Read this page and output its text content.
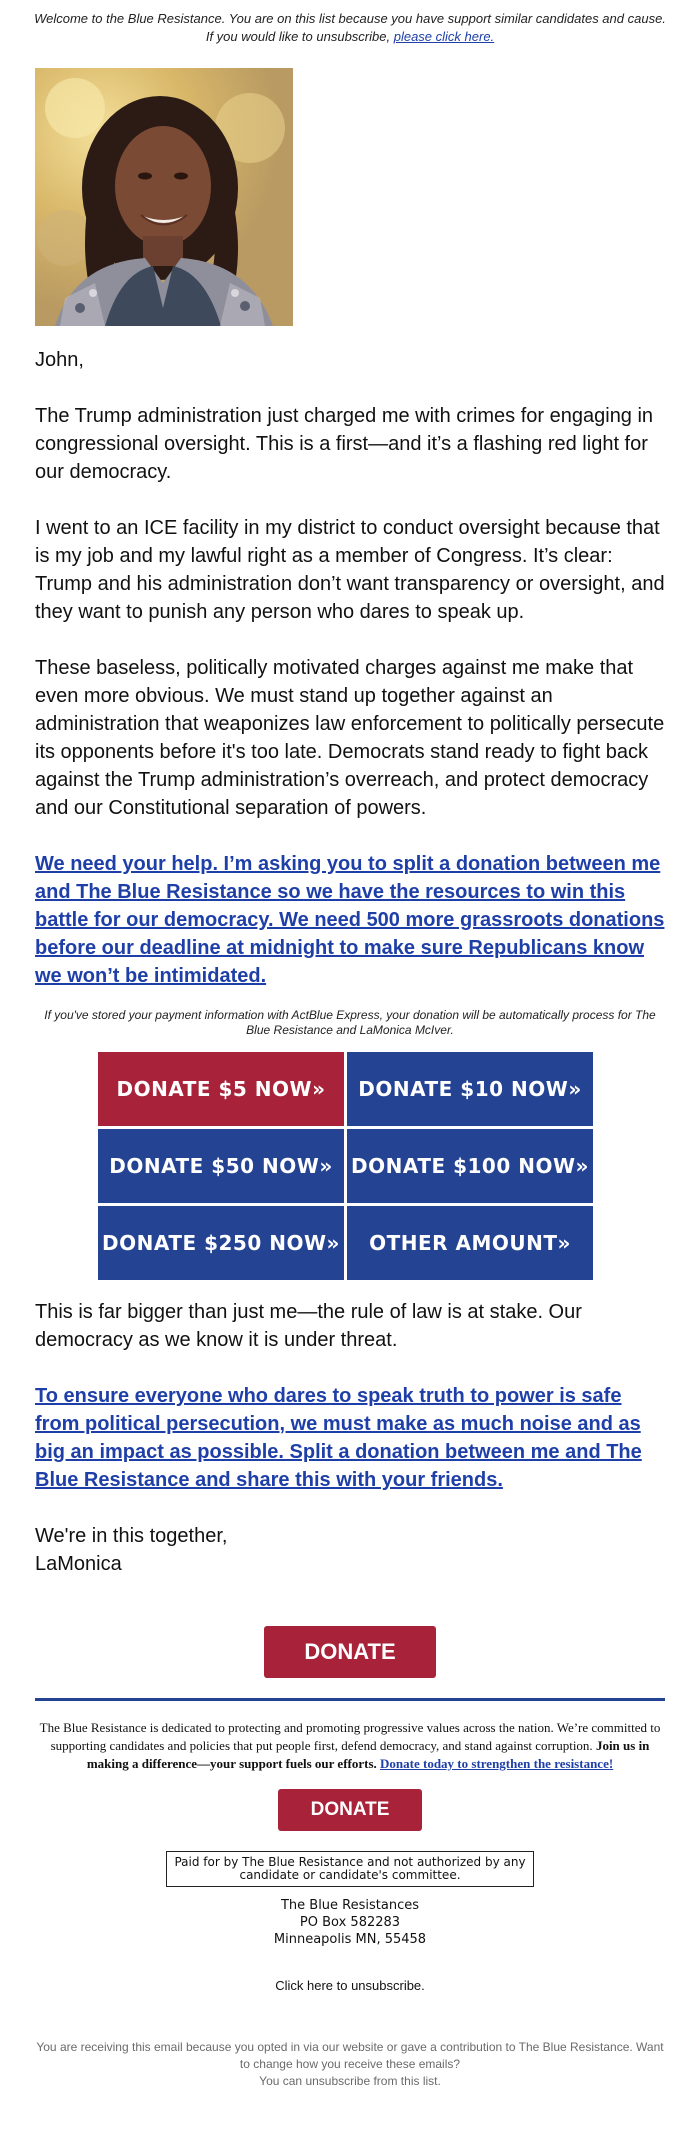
Welcome to the Blue Resistance. You are on this list because you have support similar candidates and cause. If you would like to unsubscribe, please click here.

John,

The Trump administration just charged me with crimes for engaging in congressional oversight. This is a first—and it’s a flashing red light for our democracy.

I went to an ICE facility in my district to conduct oversight because that is my job and my lawful right as a member of Congress. It’s clear: Trump and his administration don’t want transparency or oversight, and they want to punish any person who dares to speak up.

These baseless, politically motivated charges against me make that even more obvious. We must stand up together against an administration that weaponizes law enforcement to politically persecute its opponents before it's too late. Democrats stand ready to fight back against the Trump administration’s overreach, and protect democracy and our Constitutional separation of powers.

We need your help. I’m asking you to split a donation between me and The Blue Resistance so we have the resources to win this battle for our democracy. We need 500 more grassroots donations before our deadline at midnight to make sure Republicans know we won’t be intimidated.
If you've stored your payment information with ActBlue Express, your donation will be automatically process for The Blue Resistance and LaMonica McIver.
DONATE $5 NOW»	DONATE $10 NOW»
DONATE $50 NOW» DONATE $100 NOW»
DONATE $250 NOW»	OTHER AMOUNT»

This is far bigger than just me—the rule of law is at stake. Our democracy as we know it is under threat.

To ensure everyone who dares to speak truth to power is safe from political persecution, we must make as much noise and as big an impact as possible. Split a donation between me and The Blue Resistance and share this with your friends.

We're in this together,

LaMonica

DONATE
The Blue Resistance is dedicated to protecting and promoting progressive values across the nation. We’re committed to supporting candidates and policies that put people first, defend democracy, and stand against corruption. Join us in making a difference—your support fuels our efforts. Donate today to strengthen the resistance!
DONATE
Paid for by The Blue Resistance and not authorized by any candidate or candidate's committee.
The Blue Resistances
PO Box 582283
Minneapolis MN, 55458
Click here to unsubscribe.
You are receiving this email because you opted in via our website or gave a contribution to The Blue Resistance. Want to change how you receive these emails?
You can unsubscribe from this list.
